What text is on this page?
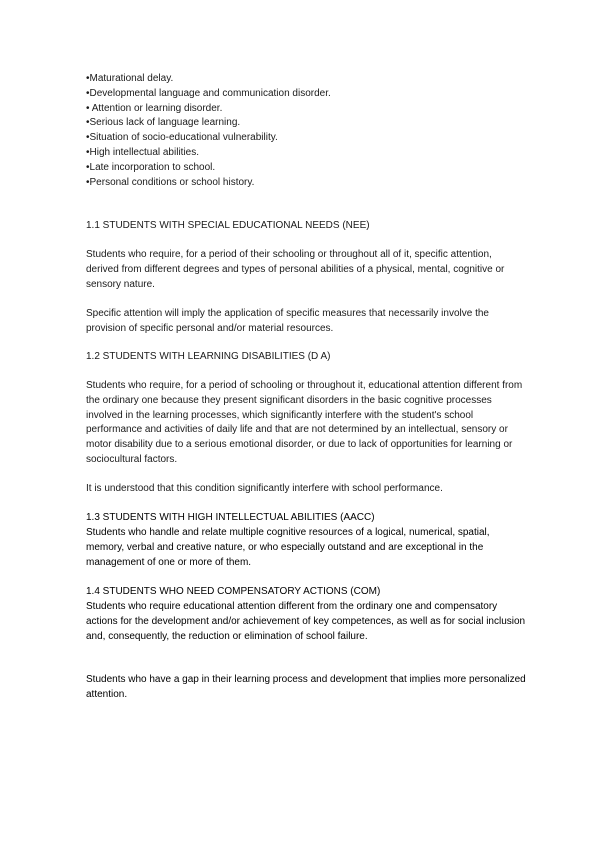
•Maturational delay.
•Developmental language and communication disorder.
• Attention or learning disorder.
•Serious lack of language learning.
•Situation of socio-educational vulnerability.
•High intellectual abilities.
•Late incorporation to school.
•Personal conditions or school history.

1.1 STUDENTS WITH SPECIAL EDUCATIONAL NEEDS (NEE)

Students who require, for a period of their schooling or throughout all of it, specific attention, derived from different degrees and types of personal abilities of a physical, mental, cognitive or sensory nature.

Specific attention will imply the application of specific measures that necessarily involve the provision of specific personal and/or material resources.

1.2 STUDENTS WITH LEARNING DISABILITIES (D A)

Students who require, for a period of schooling or throughout it, educational attention different from the ordinary one because they present significant disorders in the basic cognitive processes involved in the learning processes, which significantly interfere with the student's school performance and activities of daily life and that are not determined by an intellectual, sensory or motor disability due to a serious emotional disorder, or due to lack of opportunities for learning or sociocultural factors.

It is understood that this condition significantly interfere with school performance.

1.3 STUDENTS WITH HIGH INTELLECTUAL ABILITIES (AACC)

Students who handle and relate multiple cognitive resources of a logical, numerical, spatial, memory, verbal and creative nature, or who especially outstand and are exceptional in the management of one or more of them.

1.4 STUDENTS WHO NEED COMPENSATORY ACTIONS (COM)

Students who require educational attention different from the ordinary one and compensatory actions for the development and/or achievement of key competences, as well as for social inclusion and, consequently, the reduction or elimination of school failure.

Students who have a gap in their learning process and development that implies more personalized attention.
